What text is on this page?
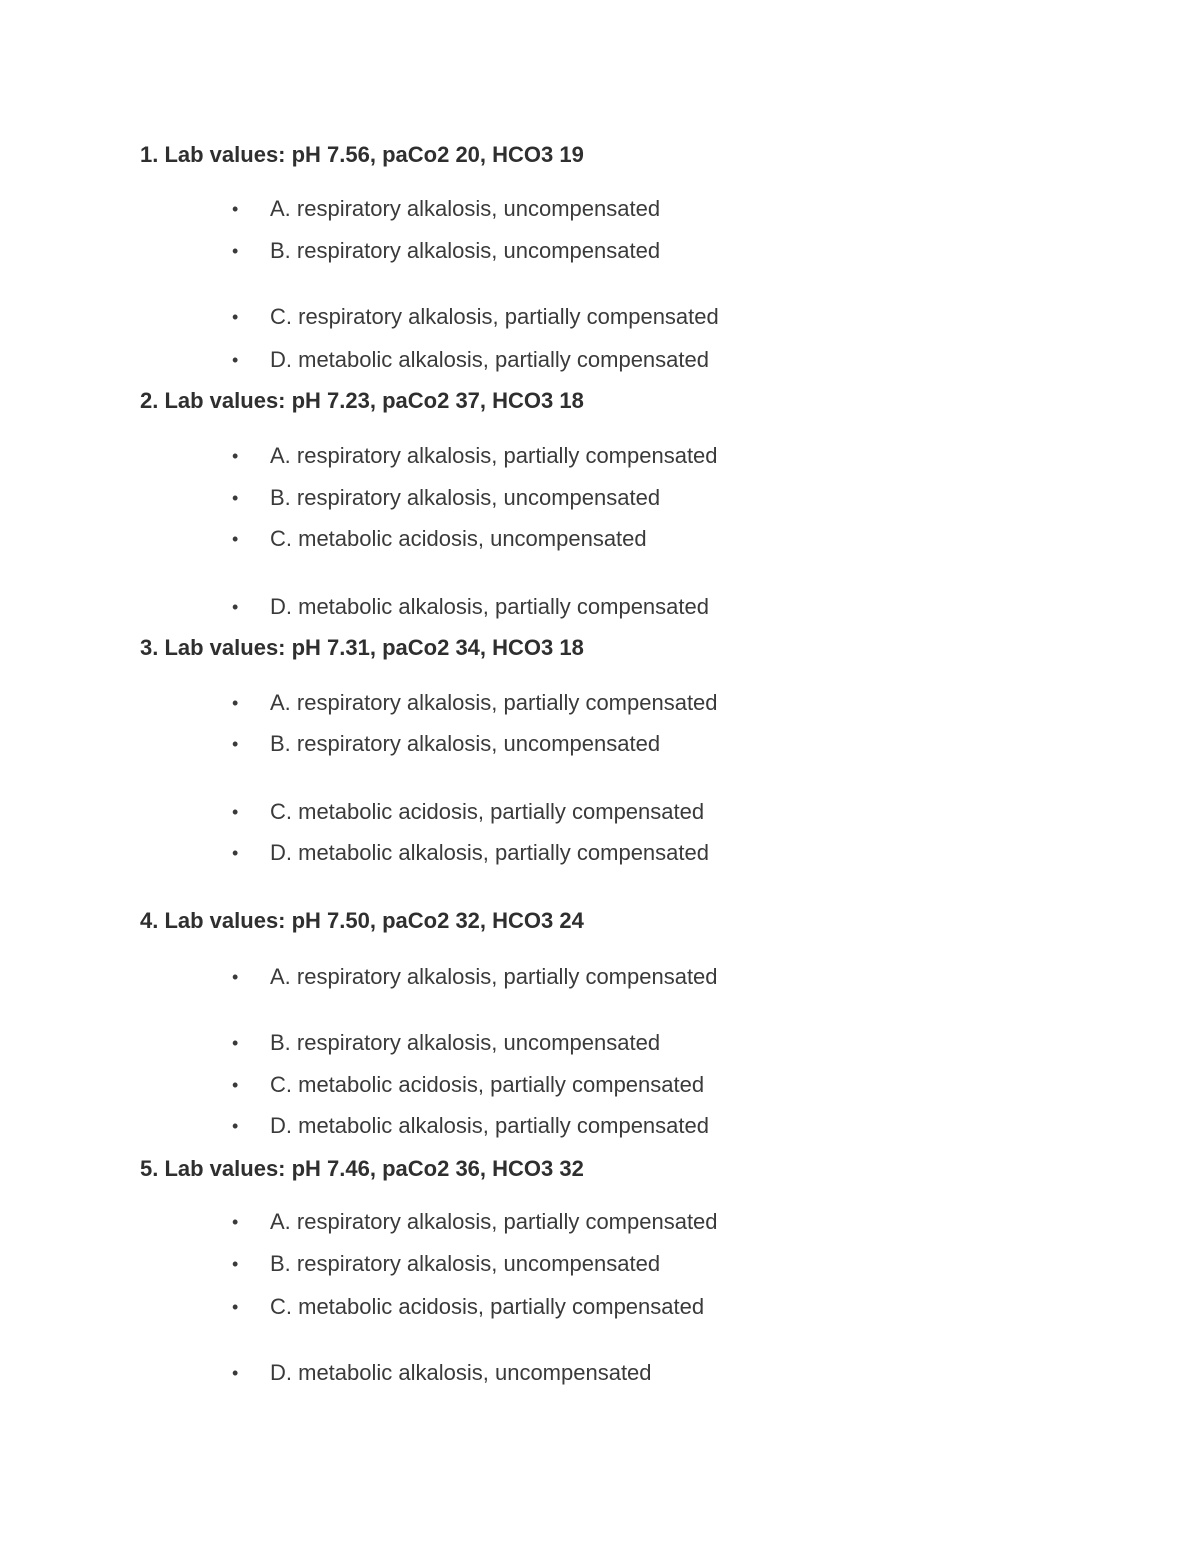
1. Lab values: pH 7.56, paCo2 20, HCO3 19
• A. respiratory alkalosis, uncompensated
• B. respiratory alkalosis, uncompensated
• C. respiratory alkalosis, partially compensated
• D. metabolic alkalosis, partially compensated
2. Lab values: pH 7.23, paCo2 37, HCO3 18
• A. respiratory alkalosis, partially compensated
• B. respiratory alkalosis, uncompensated
• C. metabolic acidosis, uncompensated
• D. metabolic alkalosis, partially compensated
3. Lab values: pH 7.31, paCo2 34, HCO3 18
• A. respiratory alkalosis, partially compensated
• B. respiratory alkalosis, uncompensated
• C. metabolic acidosis, partially compensated
• D. metabolic alkalosis, partially compensated
4. Lab values: pH 7.50, paCo2 32, HCO3 24
• A. respiratory alkalosis, partially compensated
• B. respiratory alkalosis, uncompensated
• C. metabolic acidosis, partially compensated
• D. metabolic alkalosis, partially compensated
5. Lab values: pH 7.46, paCo2 36, HCO3 32
• A. respiratory alkalosis, partially compensated
• B. respiratory alkalosis, uncompensated
• C. metabolic acidosis, partially compensated
• D. metabolic alkalosis, uncompensated
